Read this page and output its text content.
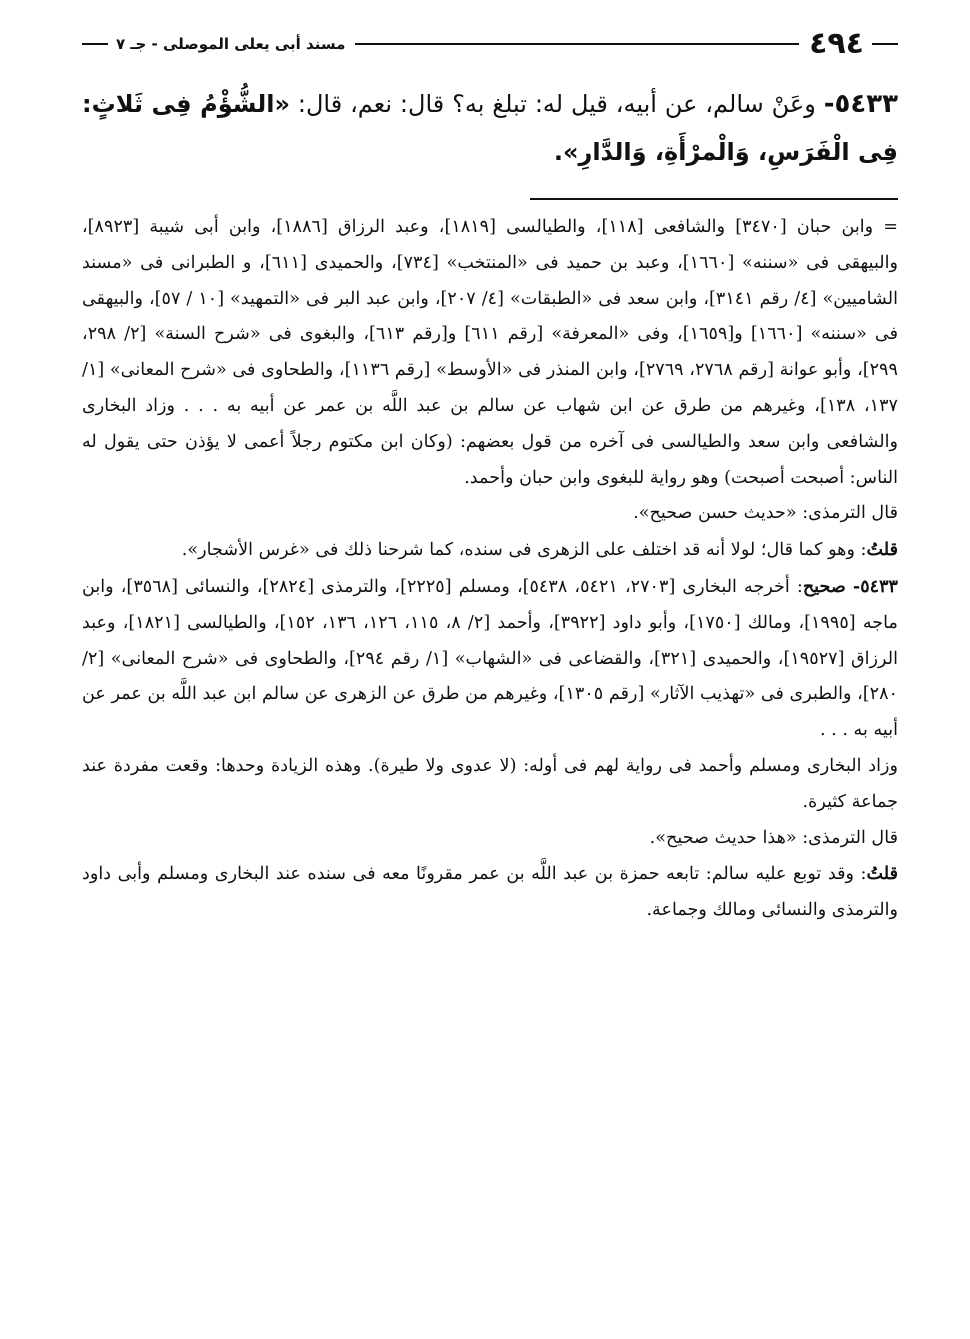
٤٩٤
مسند أبى يعلى الموصلى - جـ ٧
٥٤٣٣- وعَنْ سالم، عن أبيه، قيل له: تبلغ به؟ قال: نعم، قال: «الشُّؤْمُ فِى ثَلاثٍ: فِى الْفَرَسِ، وَالْمرْأَةِ، وَالدَّارِ».

= وابن حبان [٣٤٧٠] والشافعى [١١٨]، والطيالسى [١٨١٩]، وعبد الرزاق [١٨٨٦]، وابن أبى شيبة [٨٩٢٣]، والبيهقى فى «سننه» [١٦٦٠]، وعبد بن حميد فى «المنتخب» [٧٣٤]، والحميدى [٦١١]، و الطبرانى فى «مسند الشاميين» [٤/ رقم ٣١٤١]، وابن سعد فى «الطبقات» [٤/ ٢٠٧]، وابن عبد البر فى «التمهيد» [١٠ / ٥٧]، والبيهقى فى «سننه» [١٦٦٠] و[١٦٥٩]، وفى «المعرفة» [رقم ٦١١] و[رقم ٦١٣]، والبغوى فى «شرح السنة» [٢/ ٢٩٨، ٢٩٩]، وأبو عوانة [رقم ٢٧٦٨، ٢٧٦٩]، وابن المنذر فى «الأوسط» [رقم ١١٣٦]، والطحاوى فى «شرح المعانى» [١/ ١٣٧، ١٣٨]، وغيرهم من طرق عن ابن شهاب عن سالم بن عبد اللَّه بن عمر عن أبيه به . . . وزاد البخارى والشافعى وابن سعد والطيالسى فى آخره من قول بعضهم: (وكان ابن مكتوم رجلاً أعمى لا يؤذن حتى يقول له الناس: أصبحت أصبحت) وهو رواية للبغوى وابن حبان وأحمد.

قال الترمذى: «حديث حسن صحيح».

قلتُ: وهو كما قال؛ لولا أنه قد اختلف على الزهرى فى سنده، كما شرحنا ذلك فى «غرس الأشجار».

٥٤٣٣- صحيح: أخرجه البخارى [٢٧٠٣، ٥٤٢١، ٥٤٣٨]، ومسلم [٢٢٢٥]، والترمذى [٢٨٢٤]، والنسائى [٣٥٦٨]، وابن ماجه [١٩٩٥]، ومالك [١٧٥٠]، وأبو داود [٣٩٢٢]، وأحمد [٢/ ٨، ١١٥، ١٢٦، ١٣٦، ١٥٢]، والطيالسى [١٨٢١]، وعبد الرزاق [١٩٥٢٧]، والحميدى [٣٢١]، والقضاعى فى «الشهاب» [١/ رقم ٢٩٤]، والطحاوى فى «شرح المعانى» [٢/ ٢٨٠]، والطبرى فى «تهذيب الآثار» [رقم ١٣٠٥]، وغيرهم من طرق عن الزهرى عن سالم ابن عبد اللَّه بن عمر عن أبيه به . . .

وزاد البخارى ومسلم وأحمد فى رواية لهم فى أوله: (لا عدوى ولا طيرة). وهذه الزيادة وحدها: وقعت مفردة عند جماعة كثيرة.

قال الترمذى: «هذا حديث صحيح».

قلتُ: وقد توبع عليه سالم: تابعه حمزة بن عبد اللَّه بن عمر مقرونًا معه فى سنده عند البخارى ومسلم وأبى داود والترمذى والنسائى ومالك وجماعة.
